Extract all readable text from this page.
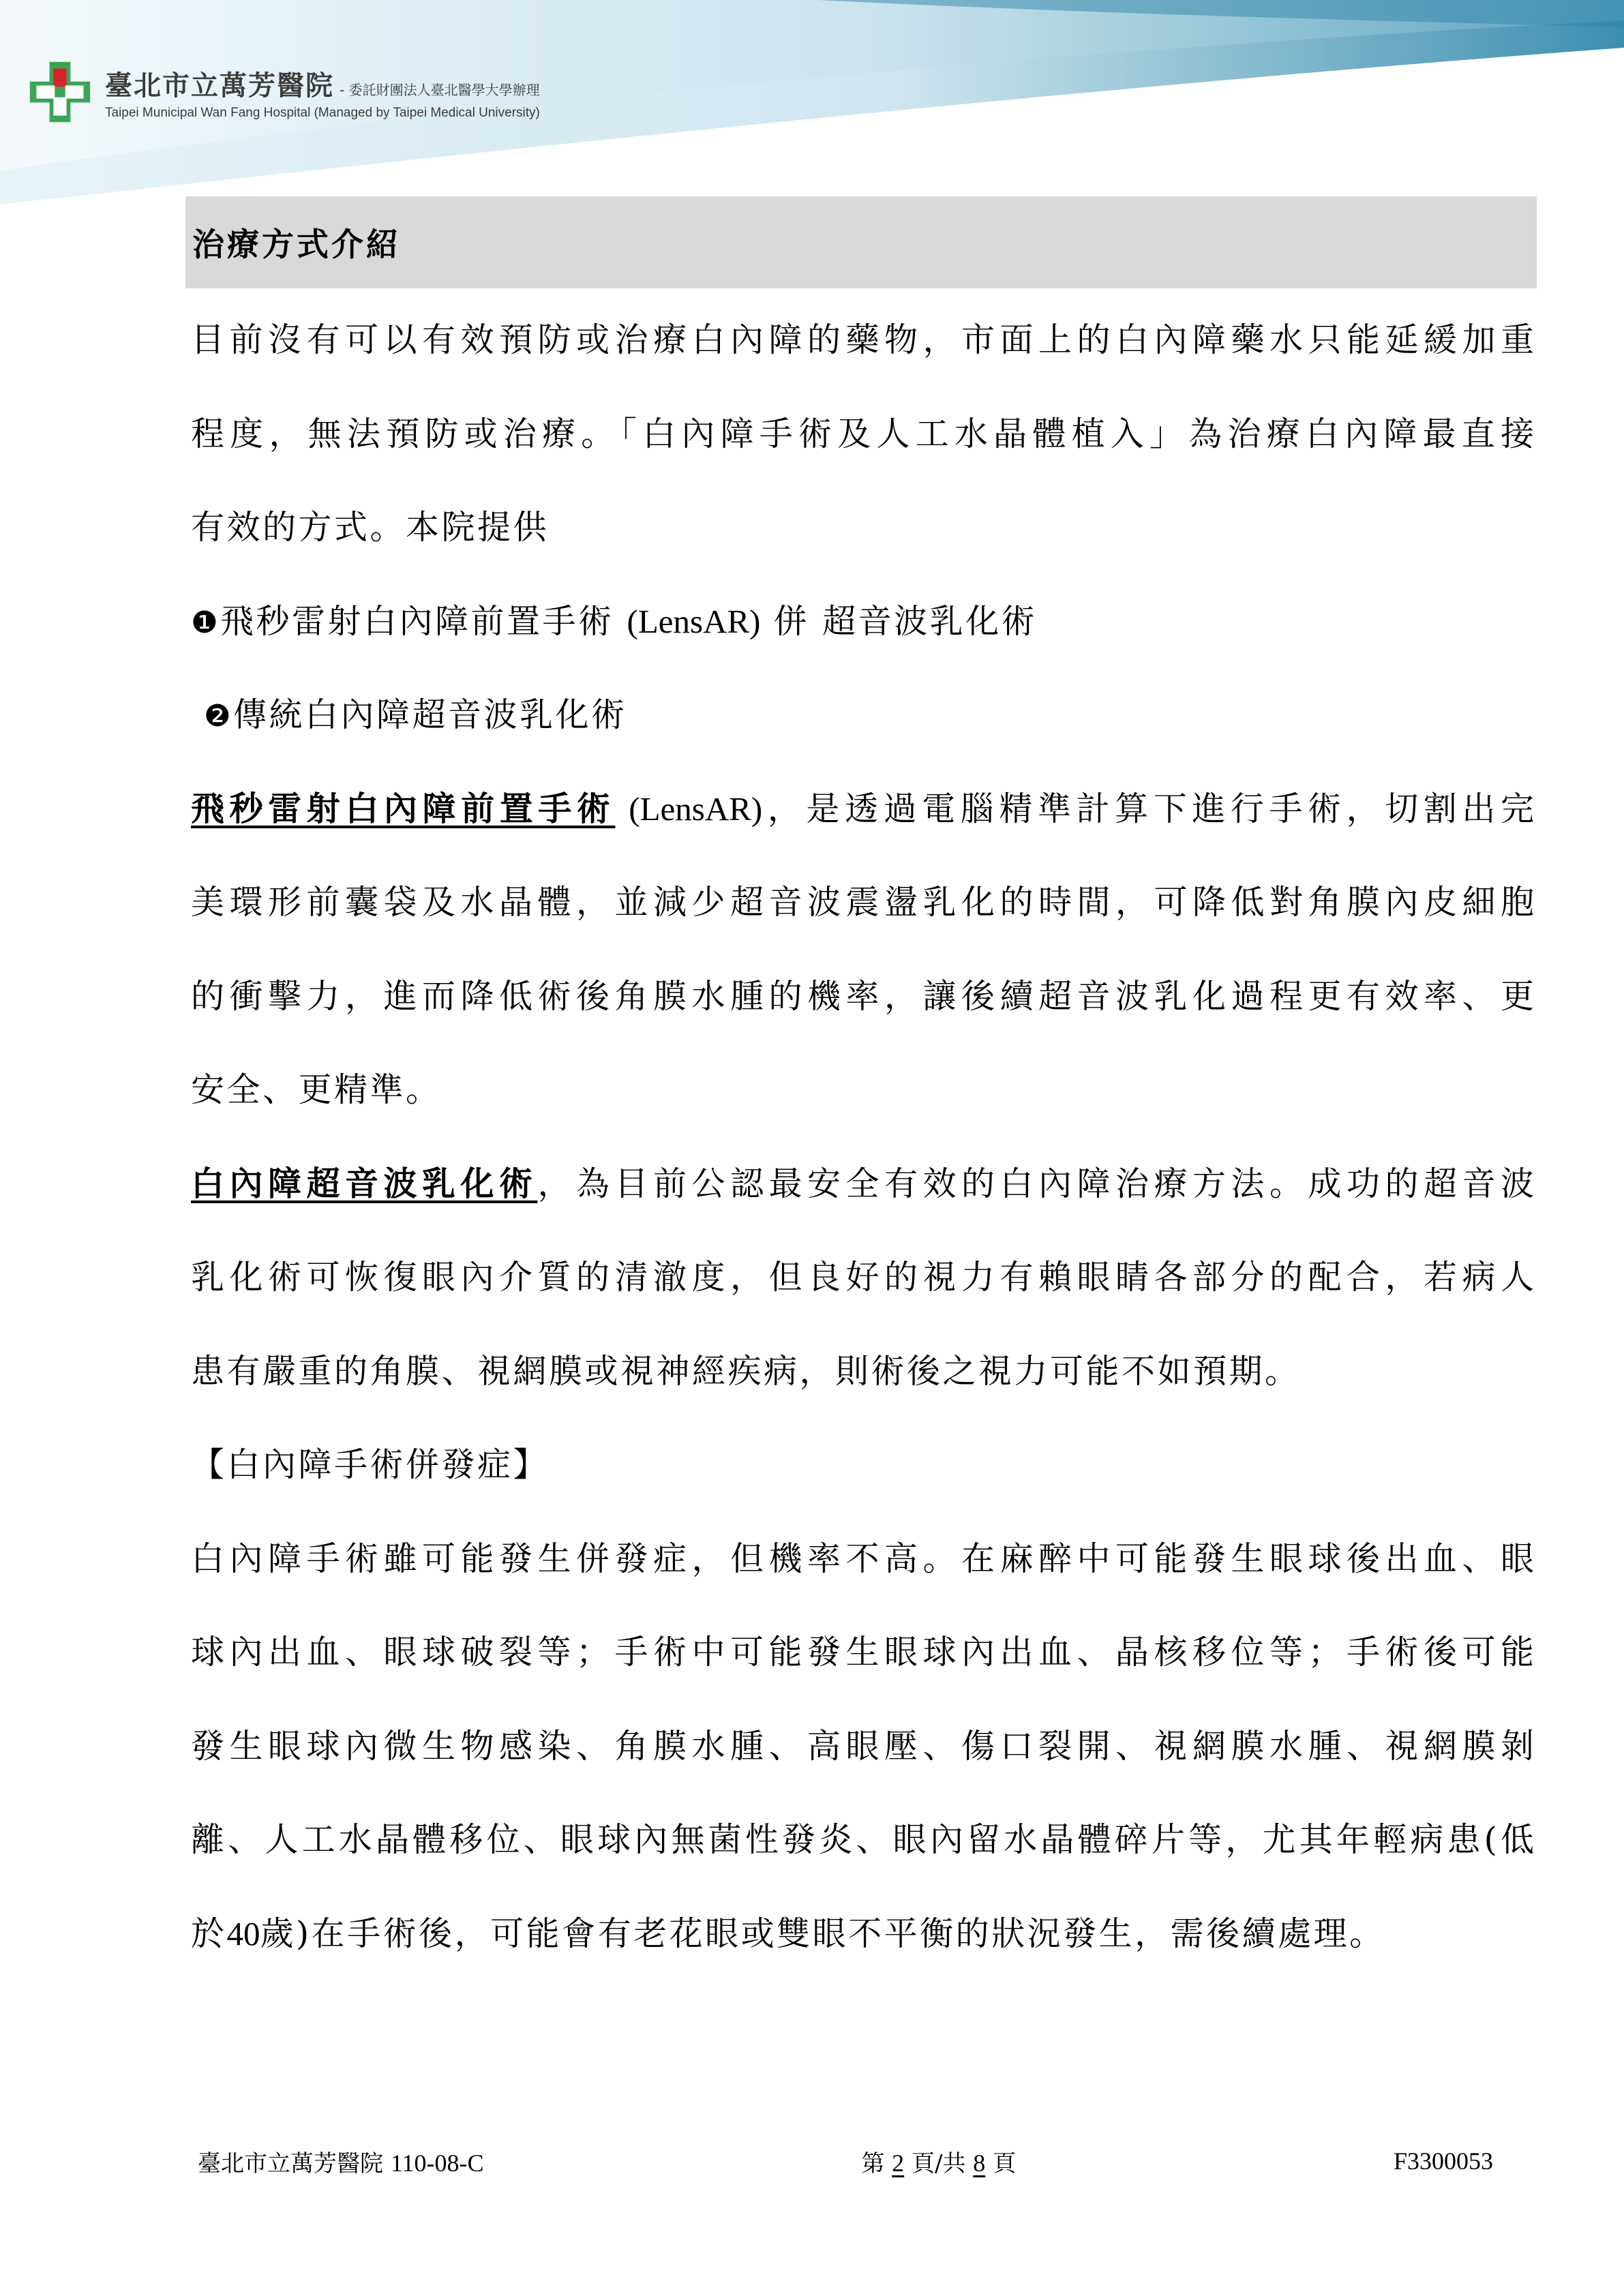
臺北市立萬芳醫院 - 委託財團法人臺北醫學大學辦理
Taipei Municipal Wan Fang Hospital (Managed by Taipei Medical University)
治療方式介紹
目前沒有可以有效預防或治療白內障的藥物，市面上的白內障藥水只能延緩加重
程度，無法預防或治療。「白內障手術及人工水晶體植入」為治療白內障最直接
有效的方式。本院提供
❶飛秒雷射白內障前置手術 (LensAR) 併 超音波乳化術
❷傳統白內障超音波乳化術
飛秒雷射白內障前置手術 (LensAR)，是透過電腦精準計算下進行手術，切割出完
美環形前囊袋及水晶體，並減少超音波震盪乳化的時間，可降低對角膜內皮細胞
的衝擊力，進而降低術後角膜水腫的機率，讓後續超音波乳化過程更有效率、更
安全、更精準。
白內障超音波乳化術，為目前公認最安全有效的白內障治療方法。成功的超音波
乳化術可恢復眼內介質的清澈度，但良好的視力有賴眼睛各部分的配合，若病人
患有嚴重的角膜、視網膜或視神經疾病，則術後之視力可能不如預期。
【白內障手術併發症】
白內障手術雖可能發生併發症，但機率不高。在麻醉中可能發生眼球後出血、眼
球內出血、眼球破裂等；手術中可能發生眼球內出血、晶核移位等；手術後可能
發生眼球內微生物感染、角膜水腫、高眼壓、傷口裂開、視網膜水腫、視網膜剝
離、人工水晶體移位、眼球內無菌性發炎、眼內留水晶體碎片等，尤其年輕病患(低
於40歲)在手術後，可能會有老花眼或雙眼不平衡的狀況發生，需後續處理。
臺北市立萬芳醫院 110-08-C	第 2 頁/共 8 頁	F3300053
